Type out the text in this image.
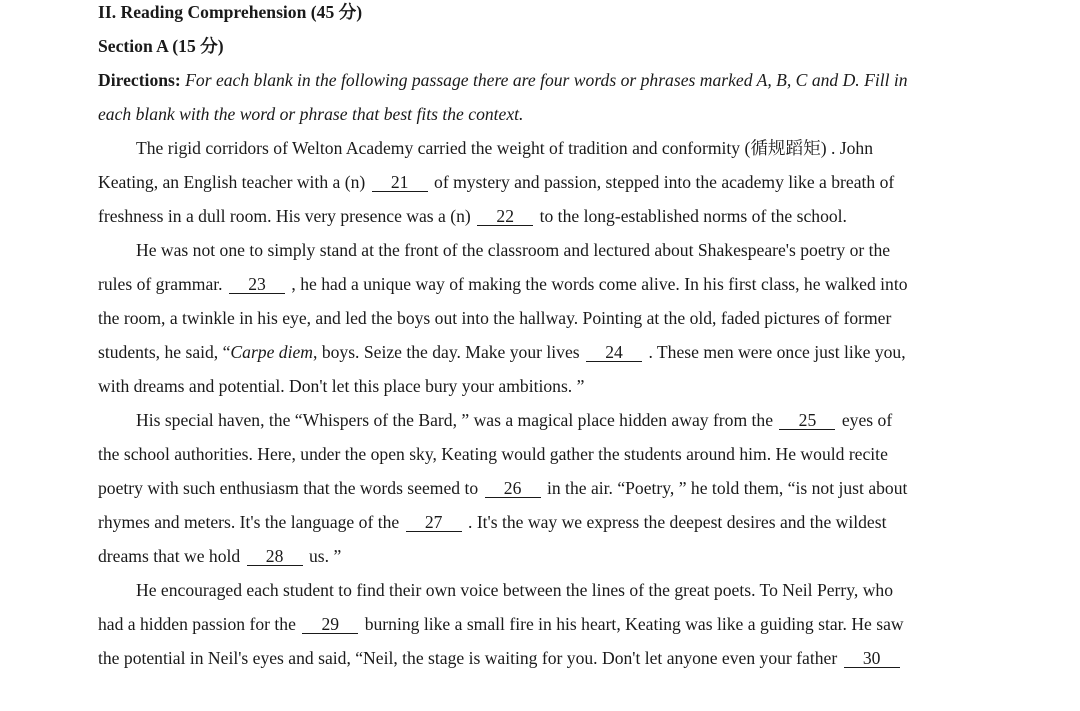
II. Reading Comprehension (45 分)
Section A (15 分)
Directions: For each blank in the following passage there are four words or phrases marked A, B, C and D. Fill in
each blank with the word or phrase that best fits the context.
The rigid corridors of Welton Academy carried the weight of tradition and conformity (循规蹈矩) . John
Keating, an English teacher with a (n) 21 of mystery and passion, stepped into the academy like a breath of
freshness in a dull room. His very presence was a (n) 22 to the long-established norms of the school.
He was not one to simply stand at the front of the classroom and lectured about Shakespeare's poetry or the
rules of grammar. 23 , he had a unique way of making the words come alive. In his first class, he walked into
the room, a twinkle in his eye, and led the boys out into the hallway. Pointing at the old, faded pictures of former
students, he said, “Carpe diem, boys. Seize the day. Make your lives 24 . These men were once just like you,
with dreams and potential. Don't let this place bury your ambitions. ”
His special haven, the “Whispers of the Bard, ” was a magical place hidden away from the 25 eyes of
the school authorities. Here, under the open sky, Keating would gather the students around him. He would recite
poetry with such enthusiasm that the words seemed to 26 in the air. “Poetry, ” he told them, “is not just about
rhymes and meters. It's the language of the 27 . It's the way we express the deepest desires and the wildest
dreams that we hold 28 us. ”
He encouraged each student to find their own voice between the lines of the great poets. To Neil Perry, who
had a hidden passion for the 29 burning like a small fire in his heart, Keating was like a guiding star. He saw
the potential in Neil's eyes and said, “Neil, the stage is waiting for you. Don't let anyone even your father 30
